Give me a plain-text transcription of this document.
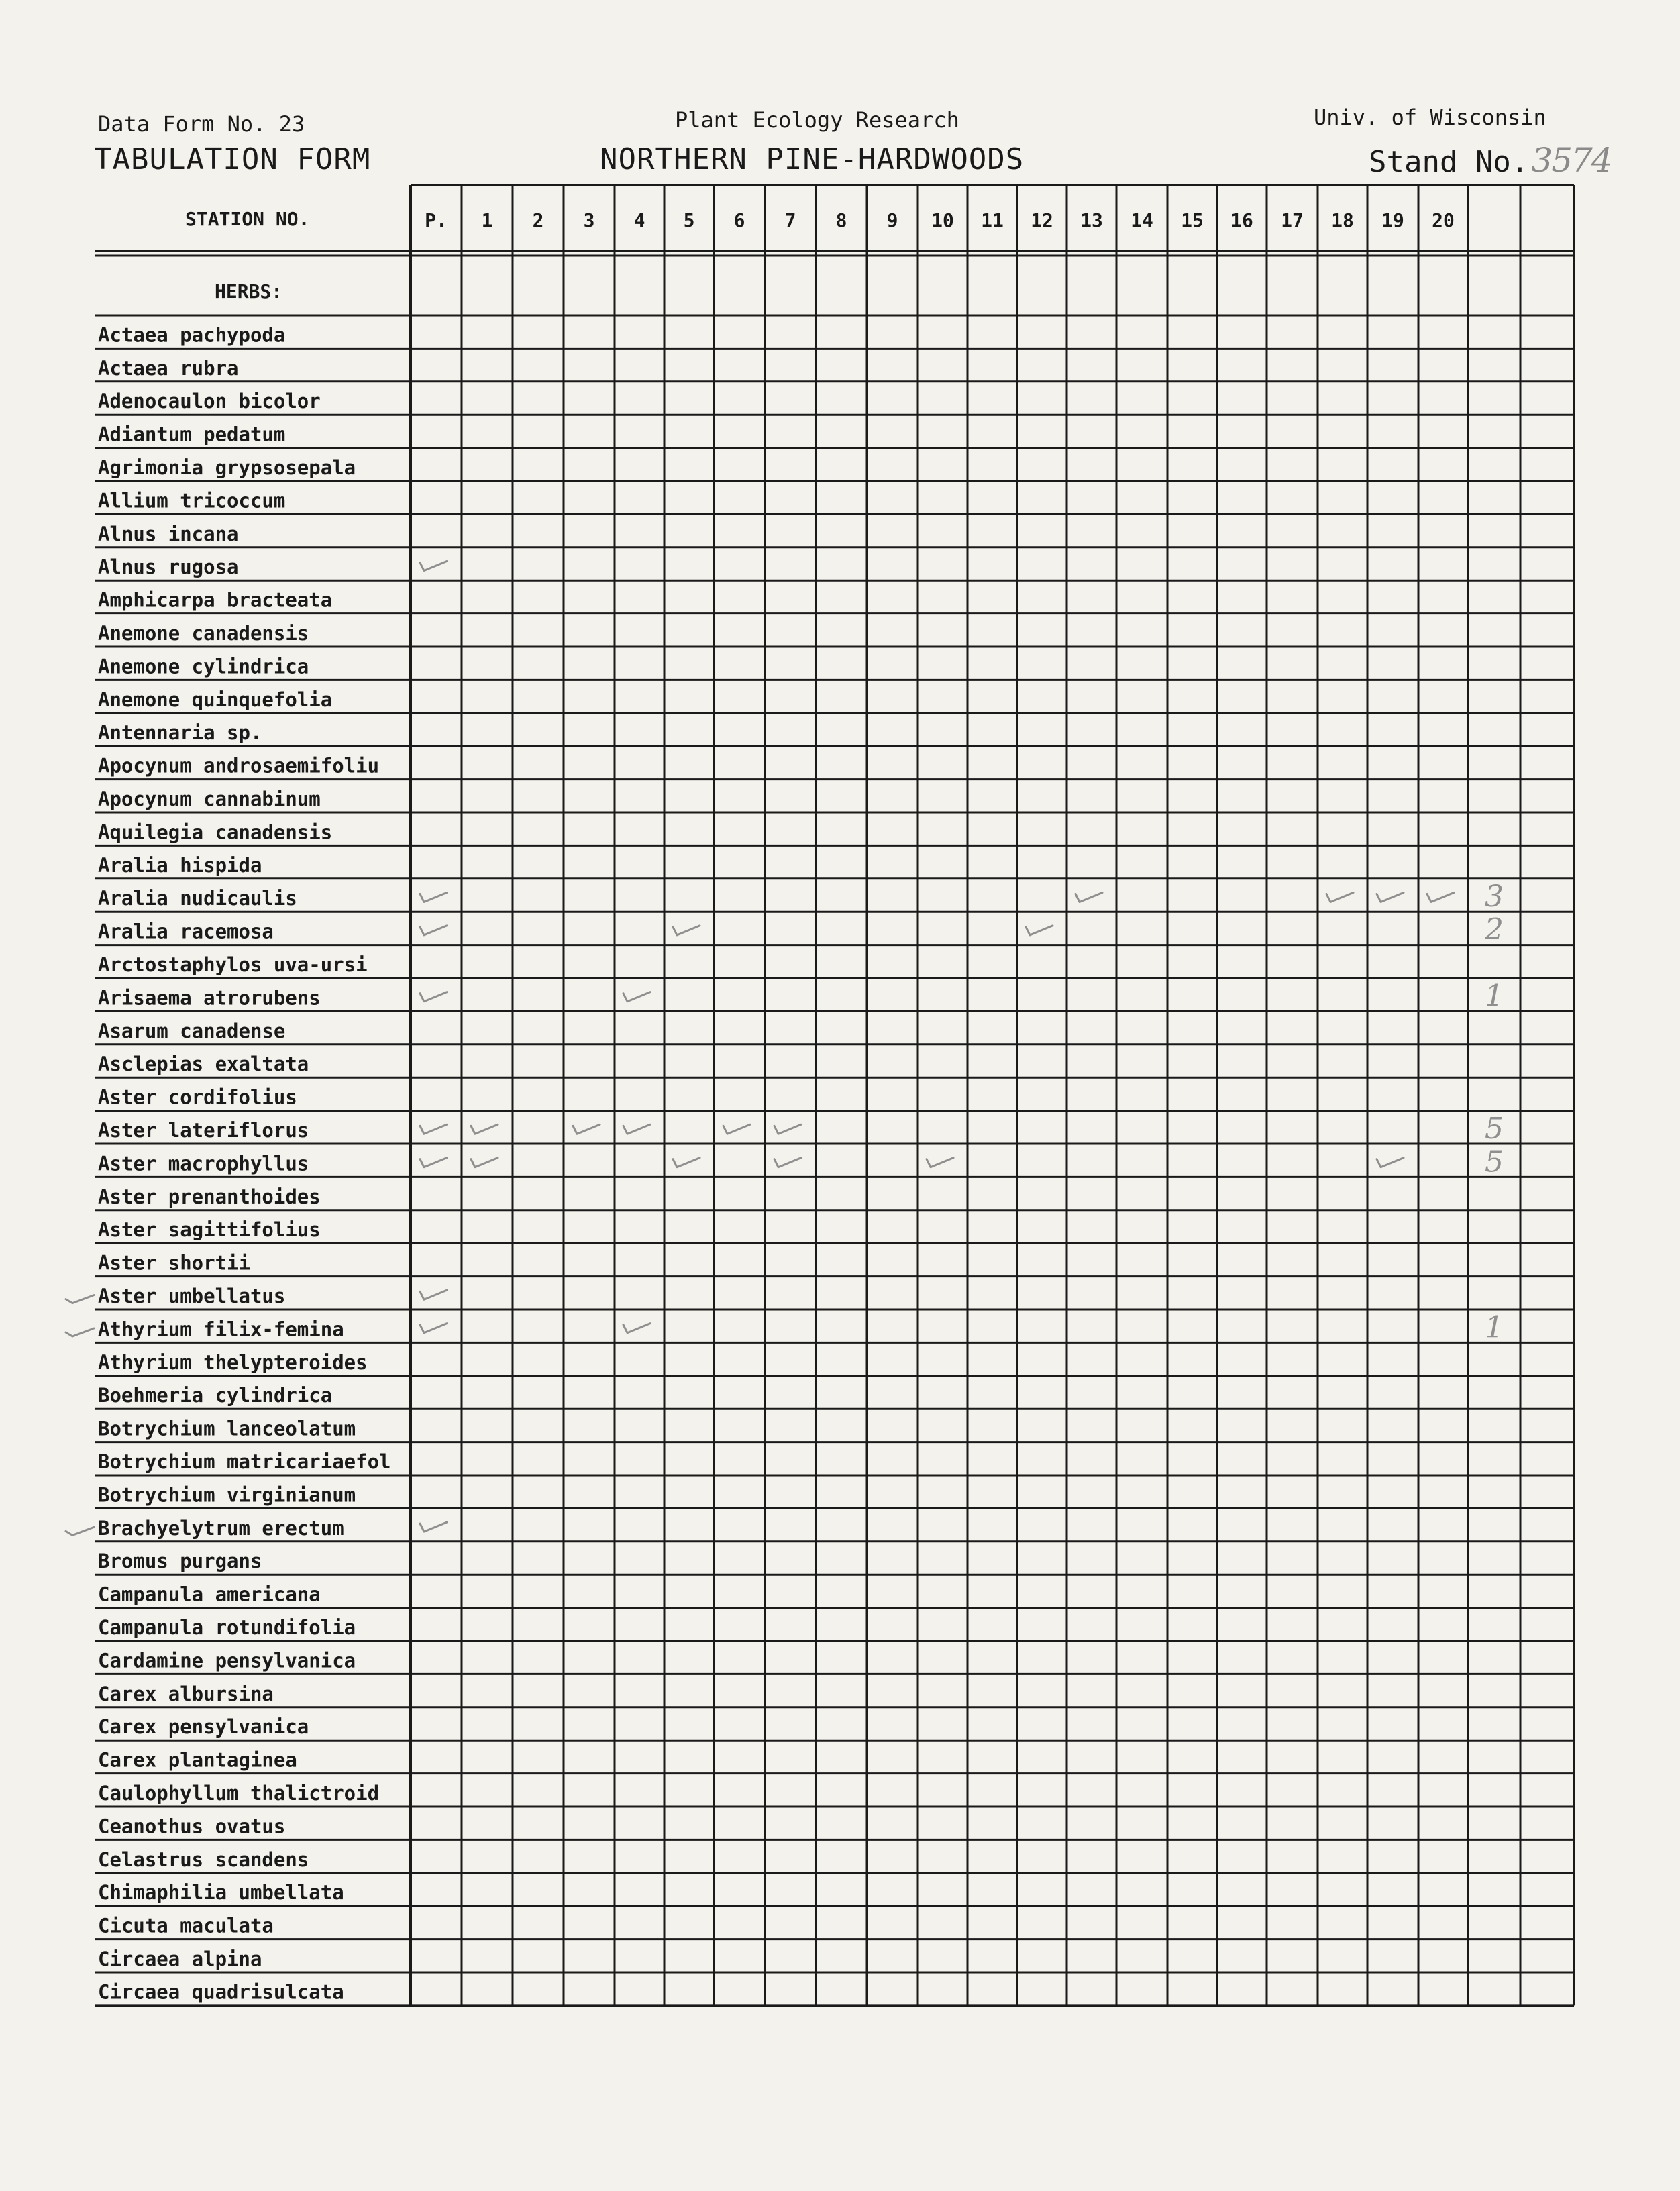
Data Form No. 23
TABULATION FORM
Plant Ecology Research
NORTHERN PINE-HARDWOODS
Univ. of Wisconsin
Stand No.3574
STATION NO.	P. 1 2 3 4 5 6 7 8 9 10 11 12 13 14 15 16 17 18 19 20
HERBS:
Actaea pachypoda
Actaea rubra
Adenocaulon bicolor
Adiantum pedatum
Agrimonia grypsosepala
Allium tricoccum
Alnus incana
Alnus rugosa
Amphicarpa bracteata
Anemone canadensis
Anemone cylindrica
Anemone quinquefolia
Antennaria sp.
Apocynum androsaemifoliu
Apocynum cannabinum
Aquilegia canadensis
Aralia hispida
Aralia nudicaulis	3
Aralia racemosa	2
Arctostaphylos uva-ursi
Arisaema atrorubens	1
Asarum canadense
Asclepias exaltata
Aster cordifolius
Aster lateriflorus	5
Aster macrophyllus	5
Aster prenanthoides
Aster sagittifolius
Aster shortii
Aster umbellatus
Athyrium filix-femina	1
Athyrium thelypteroides
Boehmeria cylindrica
Botrychium lanceolatum
Botrychium matricariaefol
Botrychium virginianum
Brachyelytrum erectum
Bromus purgans
Campanula americana
Campanula rotundifolia
Cardamine pensylvanica
Carex albursina
Carex pensylvanica
Carex plantaginea
Caulophyllum thalictroid
Ceanothus ovatus
Celastrus scandens
Chimaphilia umbellata
Cicuta maculata
Circaea alpina
Circaea quadrisulcata
